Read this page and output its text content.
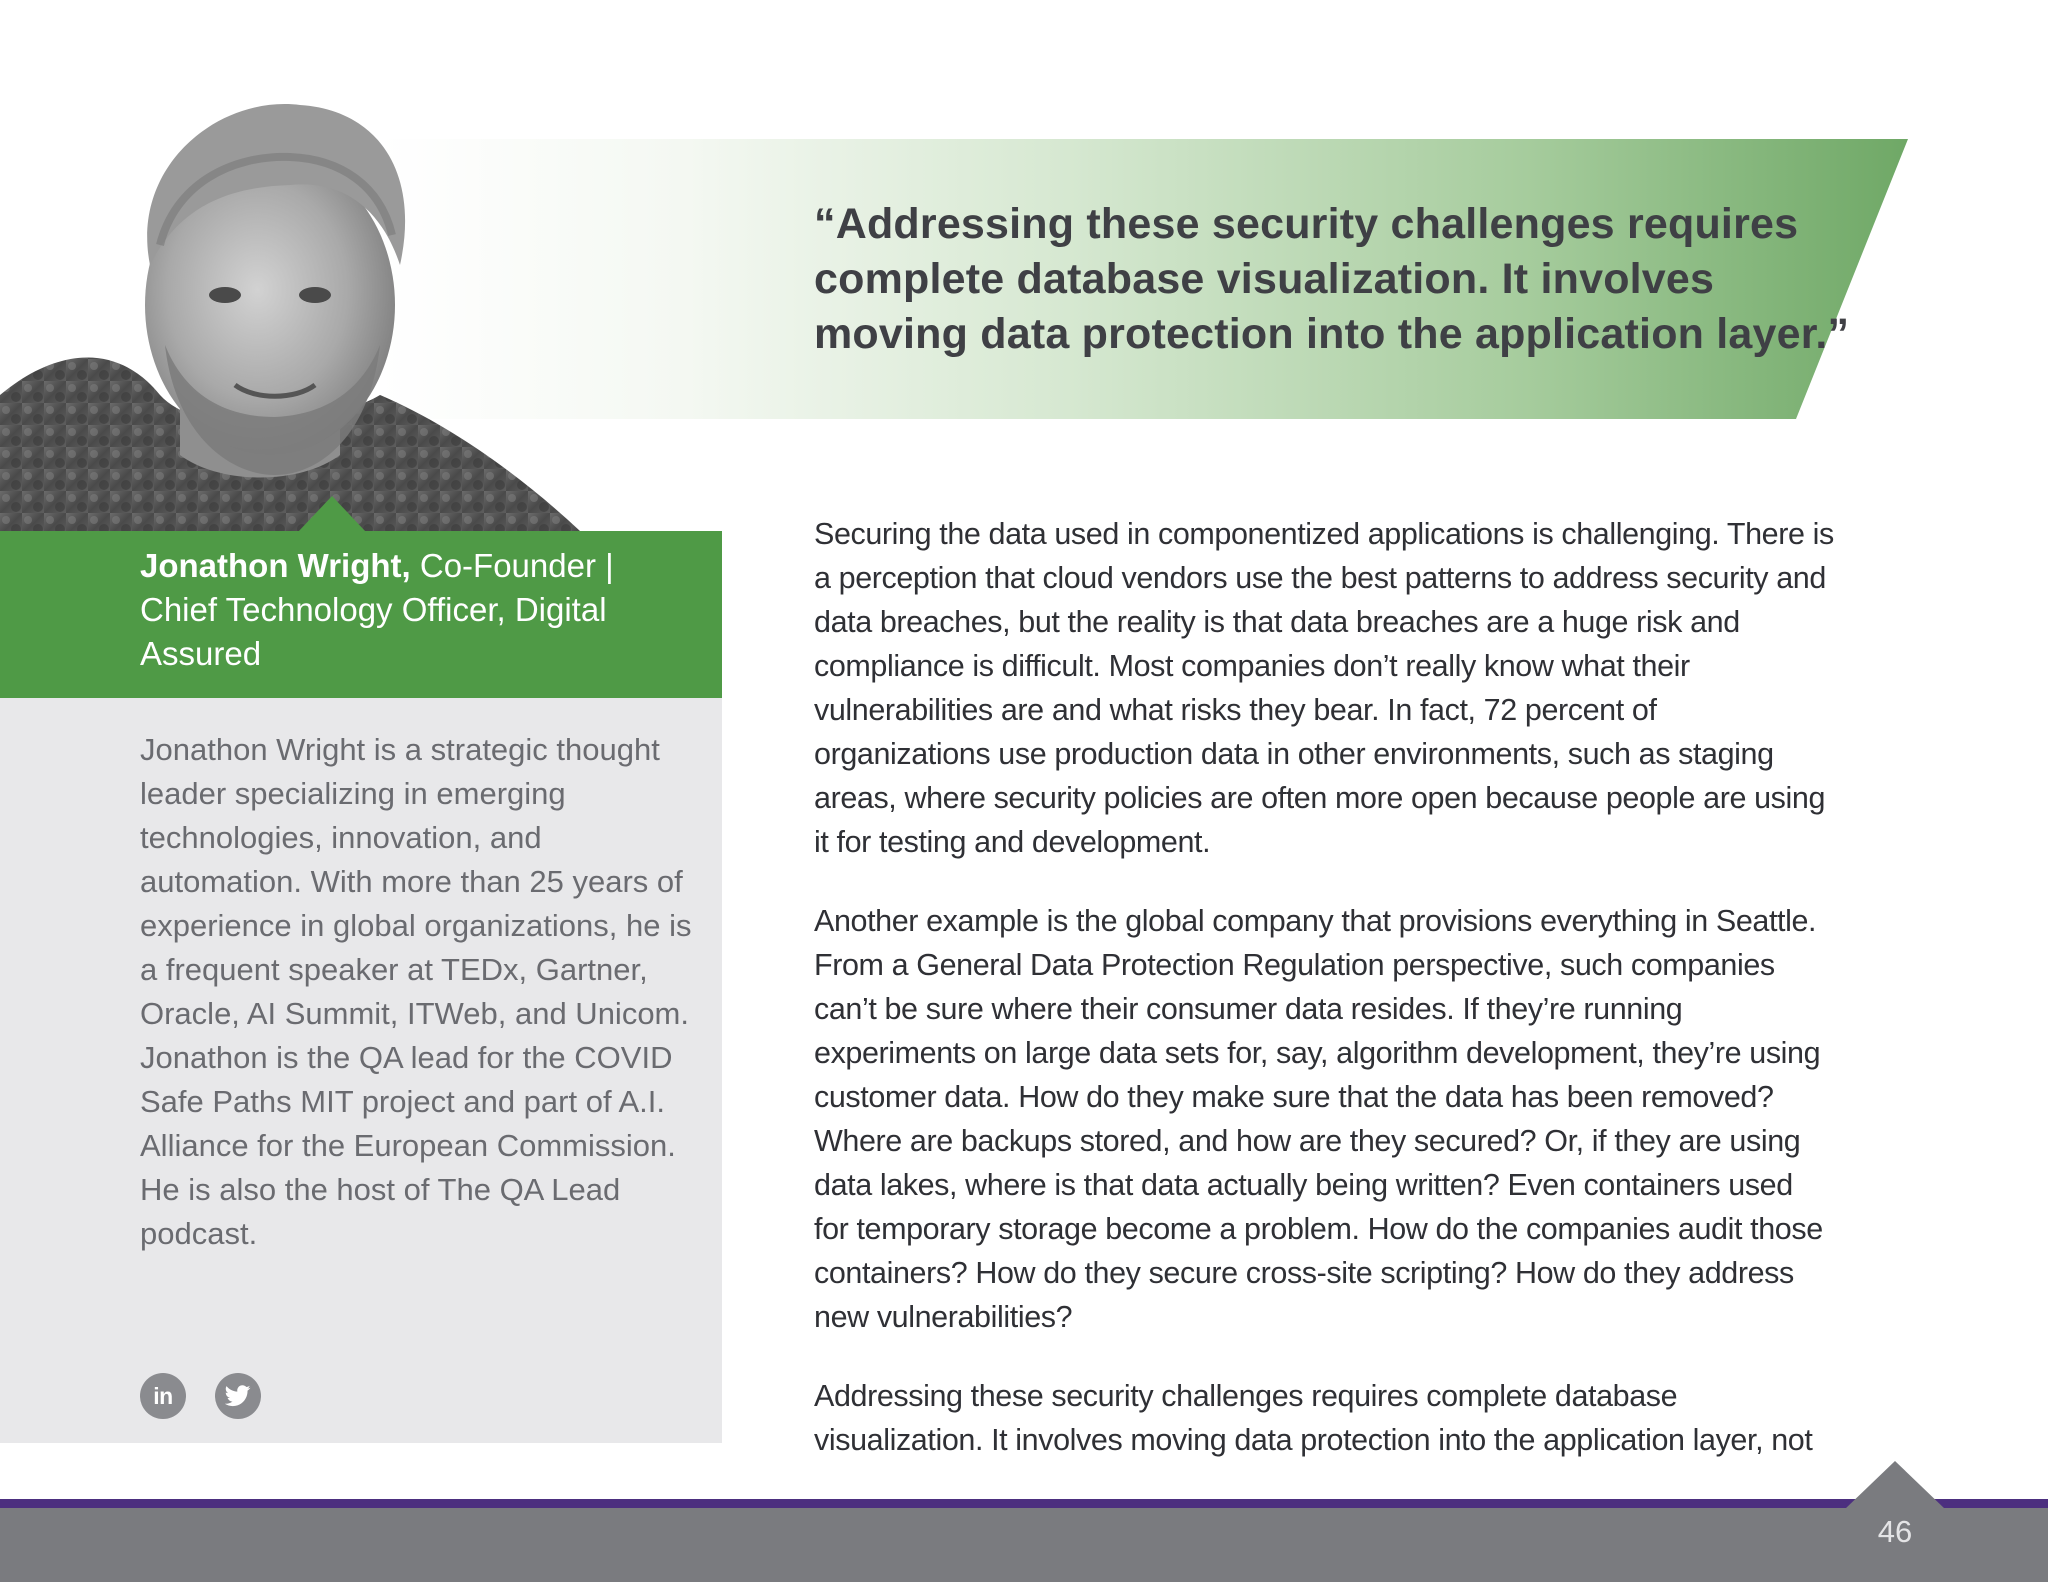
“Addressing these security challenges requires complete database visualization. It involves moving data protection into the application layer.”
Jonathon Wright, Co-Founder | Chief Technology Officer, Digital Assured
Jonathon Wright is a strategic thought leader specializing in emerging technologies, innovation, and automation. With more than 25 years of experience in global organizations, he is a frequent speaker at TEDx, Gartner, Oracle, AI Summit, ITWeb, and Unicom. Jonathon is the QA lead for the COVID Safe Paths MIT project and part of A.I. Alliance for the European Commission. He is also the host of The QA Lead podcast.
in

Securing the data used in componentized applications is challenging. There is a perception that cloud vendors use the best patterns to address security and data breaches, but the reality is that data breaches are a huge risk and compliance is difficult. Most companies don’t really know what their vulnerabilities are and what risks they bear. In fact, 72 percent of organizations use production data in other environments, such as staging areas, where security policies are often more open because people are using it for testing and development.

Another example is the global company that provisions everything in Seattle. From a General Data Protection Regulation perspective, such companies can’t be sure where their consumer data resides. If they’re running experiments on large data sets for, say, algorithm development, they’re using customer data. How do they make sure that the data has been removed? Where are backups stored, and how are they secured? Or, if they are using data lakes, where is that data actually being written? Even containers used for temporary storage become a problem. How do the companies audit those containers? How do they secure cross-site scripting? How do they address new vulnerabilities?

Addressing these security challenges requires complete database visualization. It involves moving data protection into the application layer, not

46
